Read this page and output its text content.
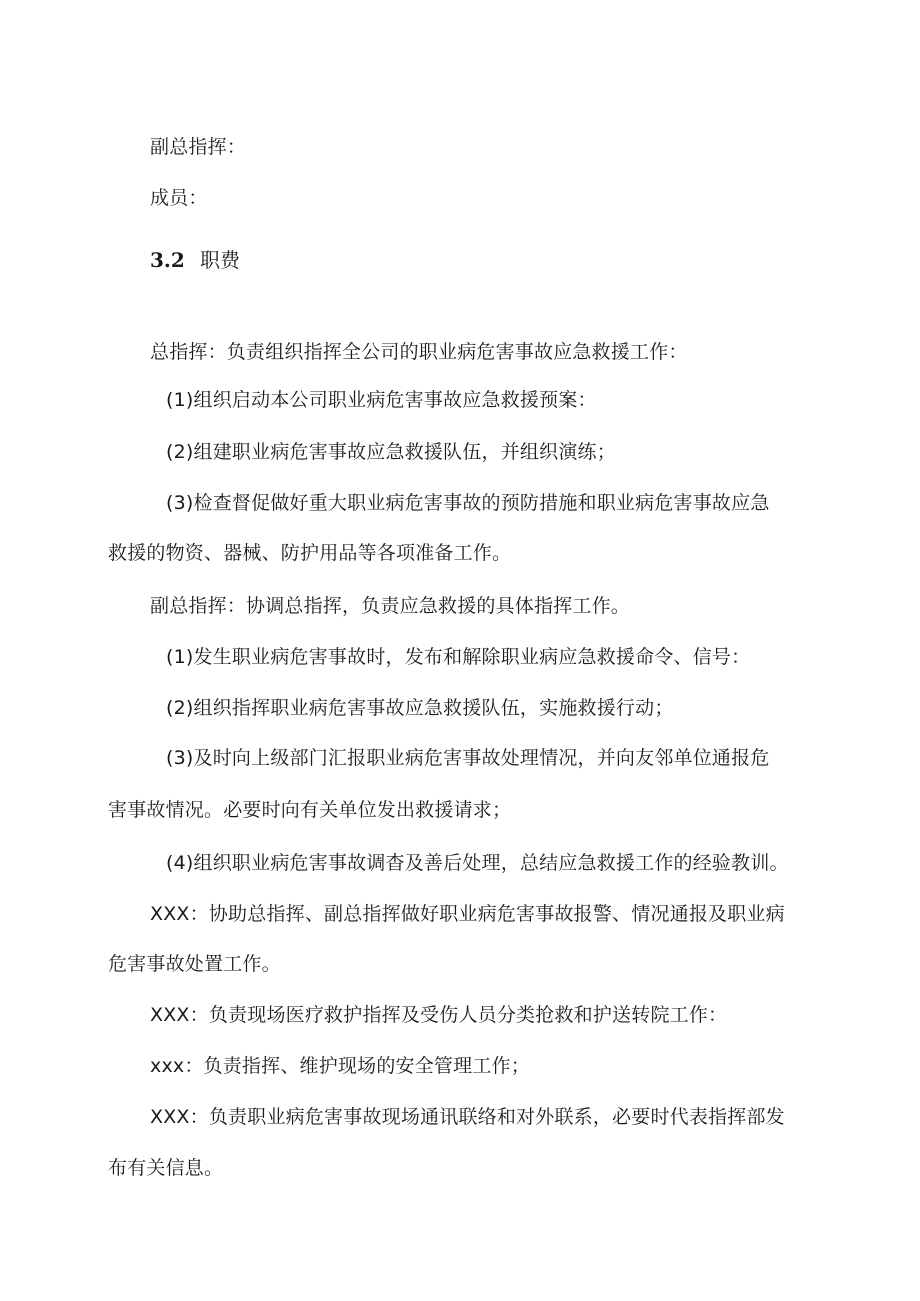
副总指挥：
成员：
3.2 职费
总指挥：负责组织指挥全公司的职业病危害事故应急救援工作：
(1)组织启动本公司职业病危害事故应急救援预案：
(2)组建职业病危害事故应急救援队伍，并组织演练；
(3)检查督促做好重大职业病危害事故的预防措施和职业病危害事故应急
救援的物资、器械、防护用品等各项准备工作。
副总指挥：协调总指挥，负责应急救援的具体指挥工作。
(1)发生职业病危害事故时，发布和解除职业病应急救援命令、信号：
(2)组织指挥职业病危害事故应急救援队伍，实施救援行动；
(3)及时向上级部门汇报职业病危害事故处理情况，并向友邻单位通报危
害事故情况。必要时向有关单位发出救援请求；
(4)组织职业病危害事故调杳及善后处理，总结应急救援工作的经验教训。
XXX：协助总指挥、副总指挥做好职业病危害事故报警、情况通报及职业病
危害事故处置工作。
XXX：负责现场医疗救护指挥及受伤人员分类抢救和护送转院工作：
xxx：负责指挥、维护现场的安全管理工作；
XXX：负责职业病危害事故现场通讯联络和对外联系，必要时代表指挥部发
布有关信息。
